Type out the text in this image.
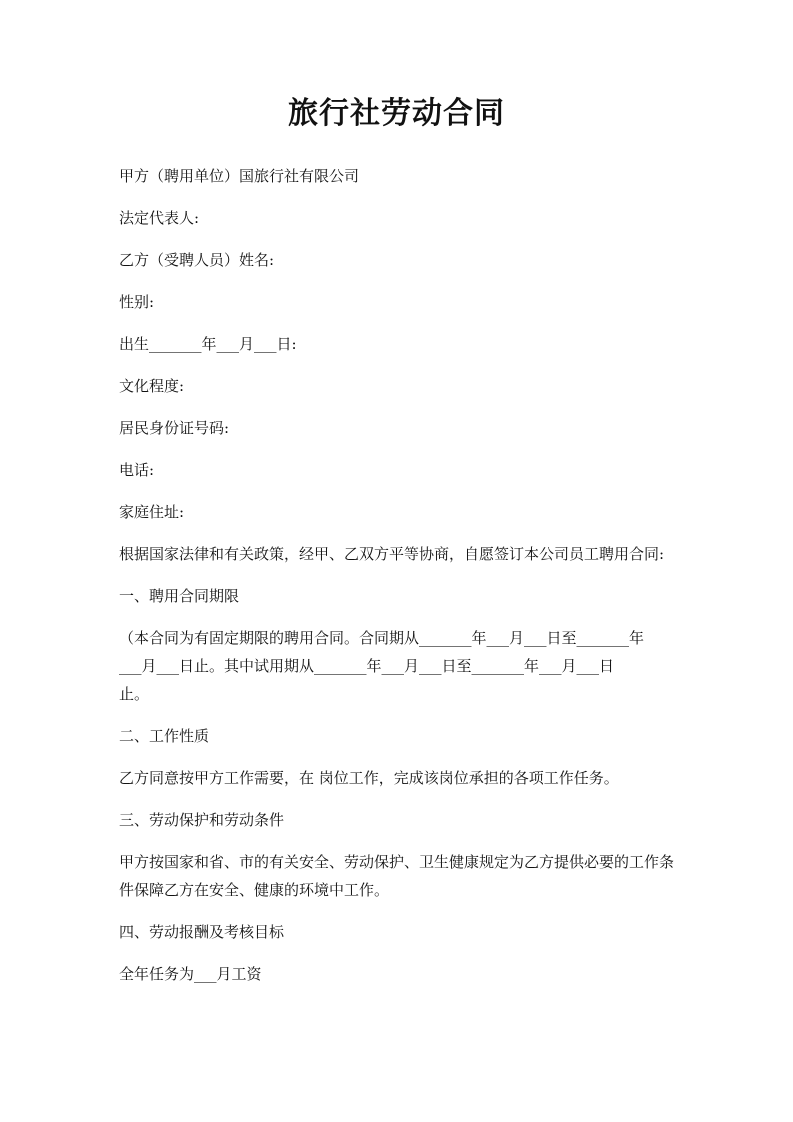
旅行社劳动合同
甲方（聘用单位）国旅行社有限公司
法定代表人:
乙方（受聘人员）姓名:
性别:
出生_______年___月___日:
文化程度:
居民身份证号码:
电话:
家庭住址:
根据国家法律和有关政策，经甲、乙双方平等协商，自愿签订本公司员工聘用合同:
一、聘用合同期限
（本合同为有固定期限的聘用合同。合同期从_______年___月___日至_______年
___月___日止。其中试用期从_______年___月___日至_______年___月___日
止。
二、工作性质
乙方同意按甲方工作需要，在 岗位工作，完成该岗位承担的各项工作任务。
三、劳动保护和劳动条件
甲方按国家和省、市的有关安全、劳动保护、卫生健康规定为乙方提供必要的工作条
件保障乙方在安全、健康的环境中工作。
四、劳动报酬及考核目标
全年任务为___月工资
